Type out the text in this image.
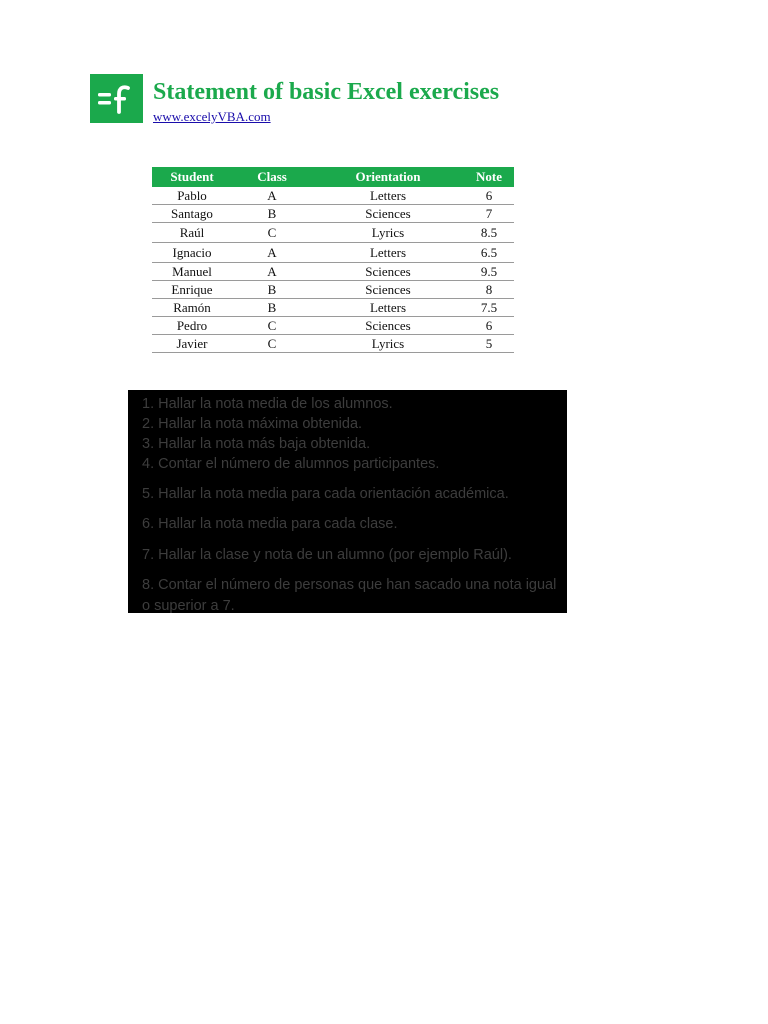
Statement of basic Excel exercises
www.excelyVBA.com
Student	Class	Orientation	Note
Pablo	A	Letters	6
Santago	B	Sciences	7
Raúl	C	Lyrics	8.5
Ignacio	A	Letters	6.5
Manuel	A	Sciences	9.5
Enrique	B	Sciences	8
Ramón	B	Letters	7.5
Pedro	C	Sciences	6
Javier	C	Lyrics	5
1. Hallar la nota media de los alumnos.
2. Hallar la nota máxima obtenida.
3. Hallar la nota más baja obtenida.
4. Contar el número de alumnos participantes.
5. Hallar la nota media para cada orientación académica.
6. Hallar la nota media para cada clase.
7. Hallar la clase y nota de un alumno (por ejemplo Raúl).
8. Contar el número de personas que han sacado una nota igual o superior a 7.
